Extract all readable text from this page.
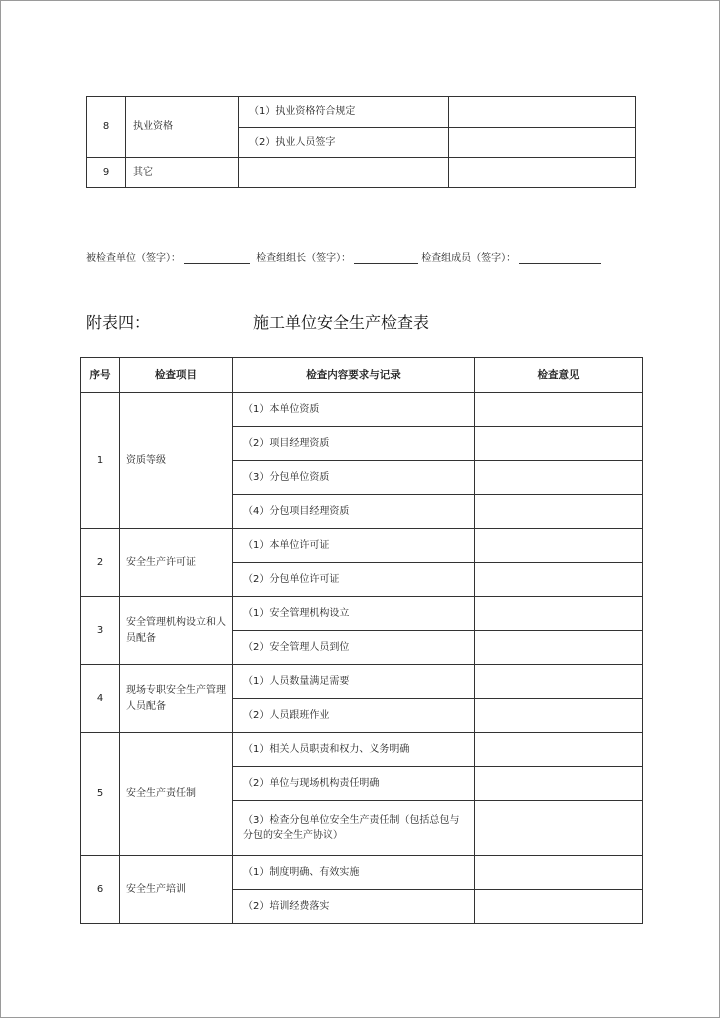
8	执业资格	（1）执业资格符合规定	
		（2）执业人员签字	
9	其它		
被检查单位（签字）：	检查组组长（签字）：	检查组成员（签字）：
附表四：	施工单位安全生产检查表
序号	检查项目	检查内容要求与记录	检查意见
1	资质等级	（1）本单位资质	
		（2）项目经理资质	
		（3）分包单位资质	
		（4）分包项目经理资质	
2	安全生产许可证	（1）本单位许可证	
		（2）分包单位许可证	
3	安全管理机构设立和人员配备	（1）安全管理机构设立	
		（2）安全管理人员到位	
4	现场专职安全生产管理人员配备	（1）人员数量满足需要	
		（2）人员跟班作业	
5	安全生产责任制	（1）相关人员职责和权力、义务明确	
		（2）单位与现场机构责任明确	
		（3）检查分包单位安全生产责任制（包括总包与分包的安全生产协议）	
6	安全生产培训	（1）制度明确、有效实施	
		（2）培训经费落实	
